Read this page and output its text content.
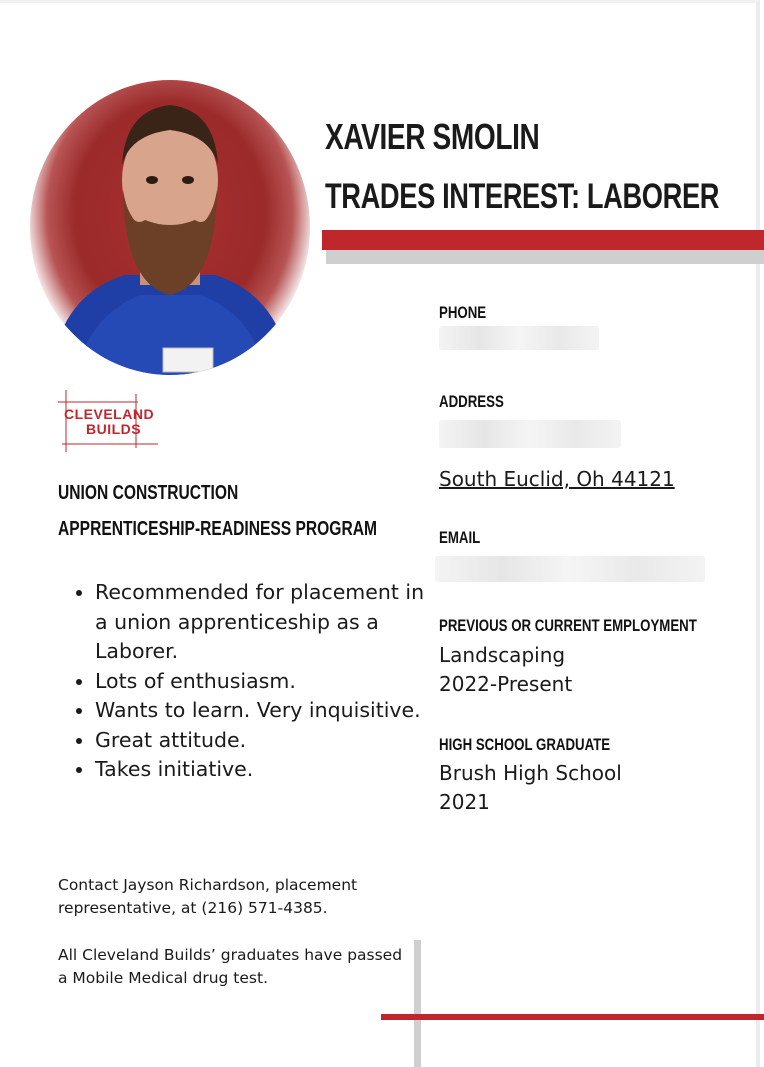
XAVIER SMOLIN
TRADES INTEREST: LABORER
CLEVELAND
BUILDS

UNION CONSTRUCTION

APPRENTICESHIP-READINESS PROGRAM

• Recommended for placement in a union apprenticeship as a Laborer.
• Lots of enthusiasm.
• Wants to learn. Very inquisitive.
• Great attitude.
• Takes initiative.

Contact Jayson Richardson, placement representative, at (216) 571-4385.

All Cleveland Builds’ graduates have passed a Mobile Medical drug test.

PHONE

ADDRESS

South Euclid, Oh 44121

EMAIL

PREVIOUS OR CURRENT EMPLOYMENT

Landscaping

2022-Present

HIGH SCHOOL GRADUATE

Brush High School

2021
